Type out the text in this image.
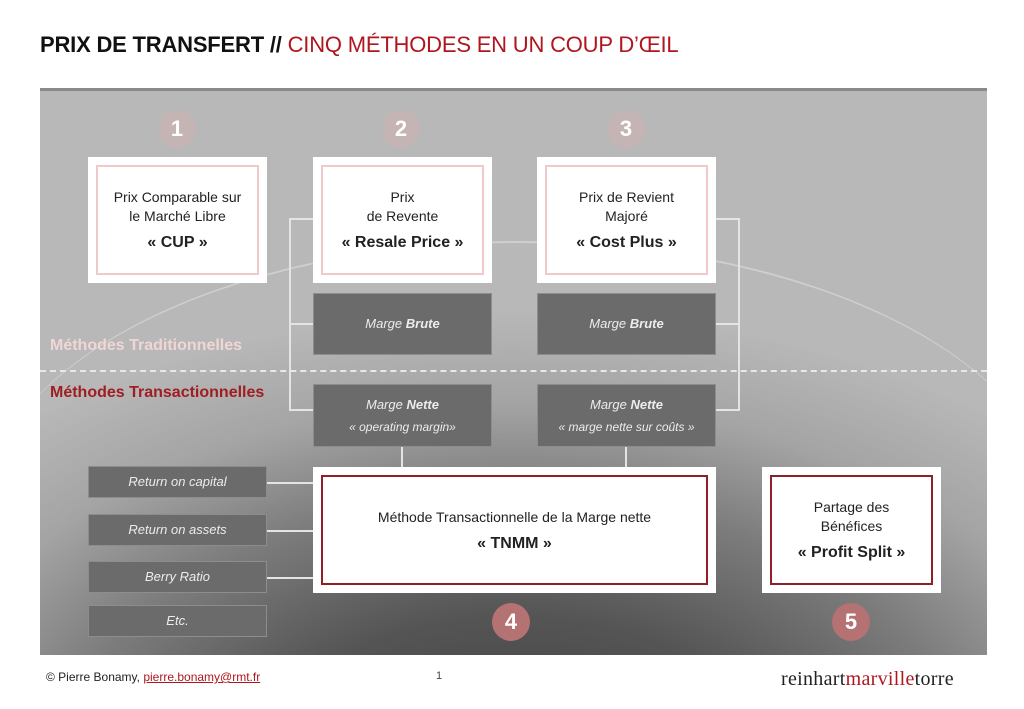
PRIX DE TRANSFERT // CINQ MÉTHODES EN UN COUP D’ŒIL
Méthodes Traditionnelles
Méthodes Transactionnelles
1	2	3
4	5
Prix Comparable sur
le Marché Libre
« CUP »
Prix
de Revente
« Resale Price »
Prix de Revient
Majoré
« Cost Plus »
Méthode Transactionnelle de la Marge nette
« TNMM »
Partage des
Bénéfices
« Profit Split »
Marge Brute	Marge Brute
Marge Nette
« operating margin»
Marge Nette
« marge nette sur coûts »
Return on capital
Return on assets
Berry Ratio
Etc.
© Pierre Bonamy, pierre.bonamy@rmt.fr	1	reinhartmarvilletorre
